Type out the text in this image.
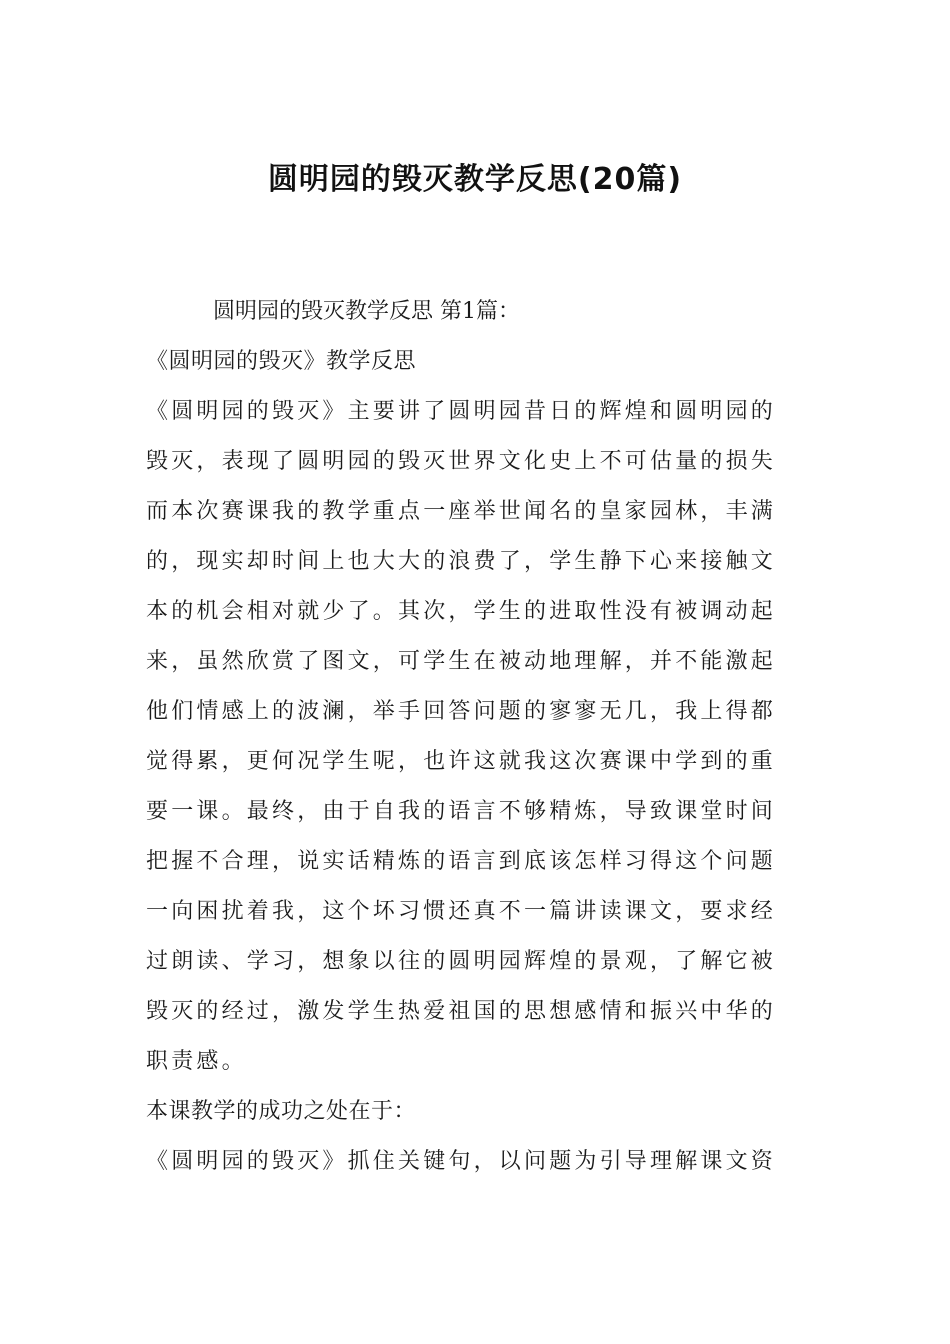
圆明园的毁灭教学反思(20篇)
圆明园的毁灭教学反思 第1篇：
《圆明园的毁灭》教学反思
《圆明园的毁灭》主要讲了圆明园昔日的辉煌和圆明园的
毁灭，表现了圆明园的毁灭世界文化史上不可估量的损失
而本次赛课我的教学重点一座举世闻名的皇家园林，丰满
的，现实却时间上也大大的浪费了，学生静下心来接触文
本的机会相对就少了。其次，学生的进取性没有被调动起
来，虽然欣赏了图文，可学生在被动地理解，并不能激起
他们情感上的波澜，举手回答问题的寥寥无几，我上得都
觉得累，更何况学生呢，也许这就我这次赛课中学到的重
要一课。最终，由于自我的语言不够精炼，导致课堂时间
把握不合理，说实话精炼的语言到底该怎样习得这个问题
一向困扰着我，这个坏习惯还真不一篇讲读课文，要求经
过朗读、学习，想象以往的圆明园辉煌的景观，了解它被
毁灭的经过，激发学生热爱祖国的思想感情和振兴中华的
职责感。
本课教学的成功之处在于：
《圆明园的毁灭》抓住关键句，以问题为引导理解课文资
